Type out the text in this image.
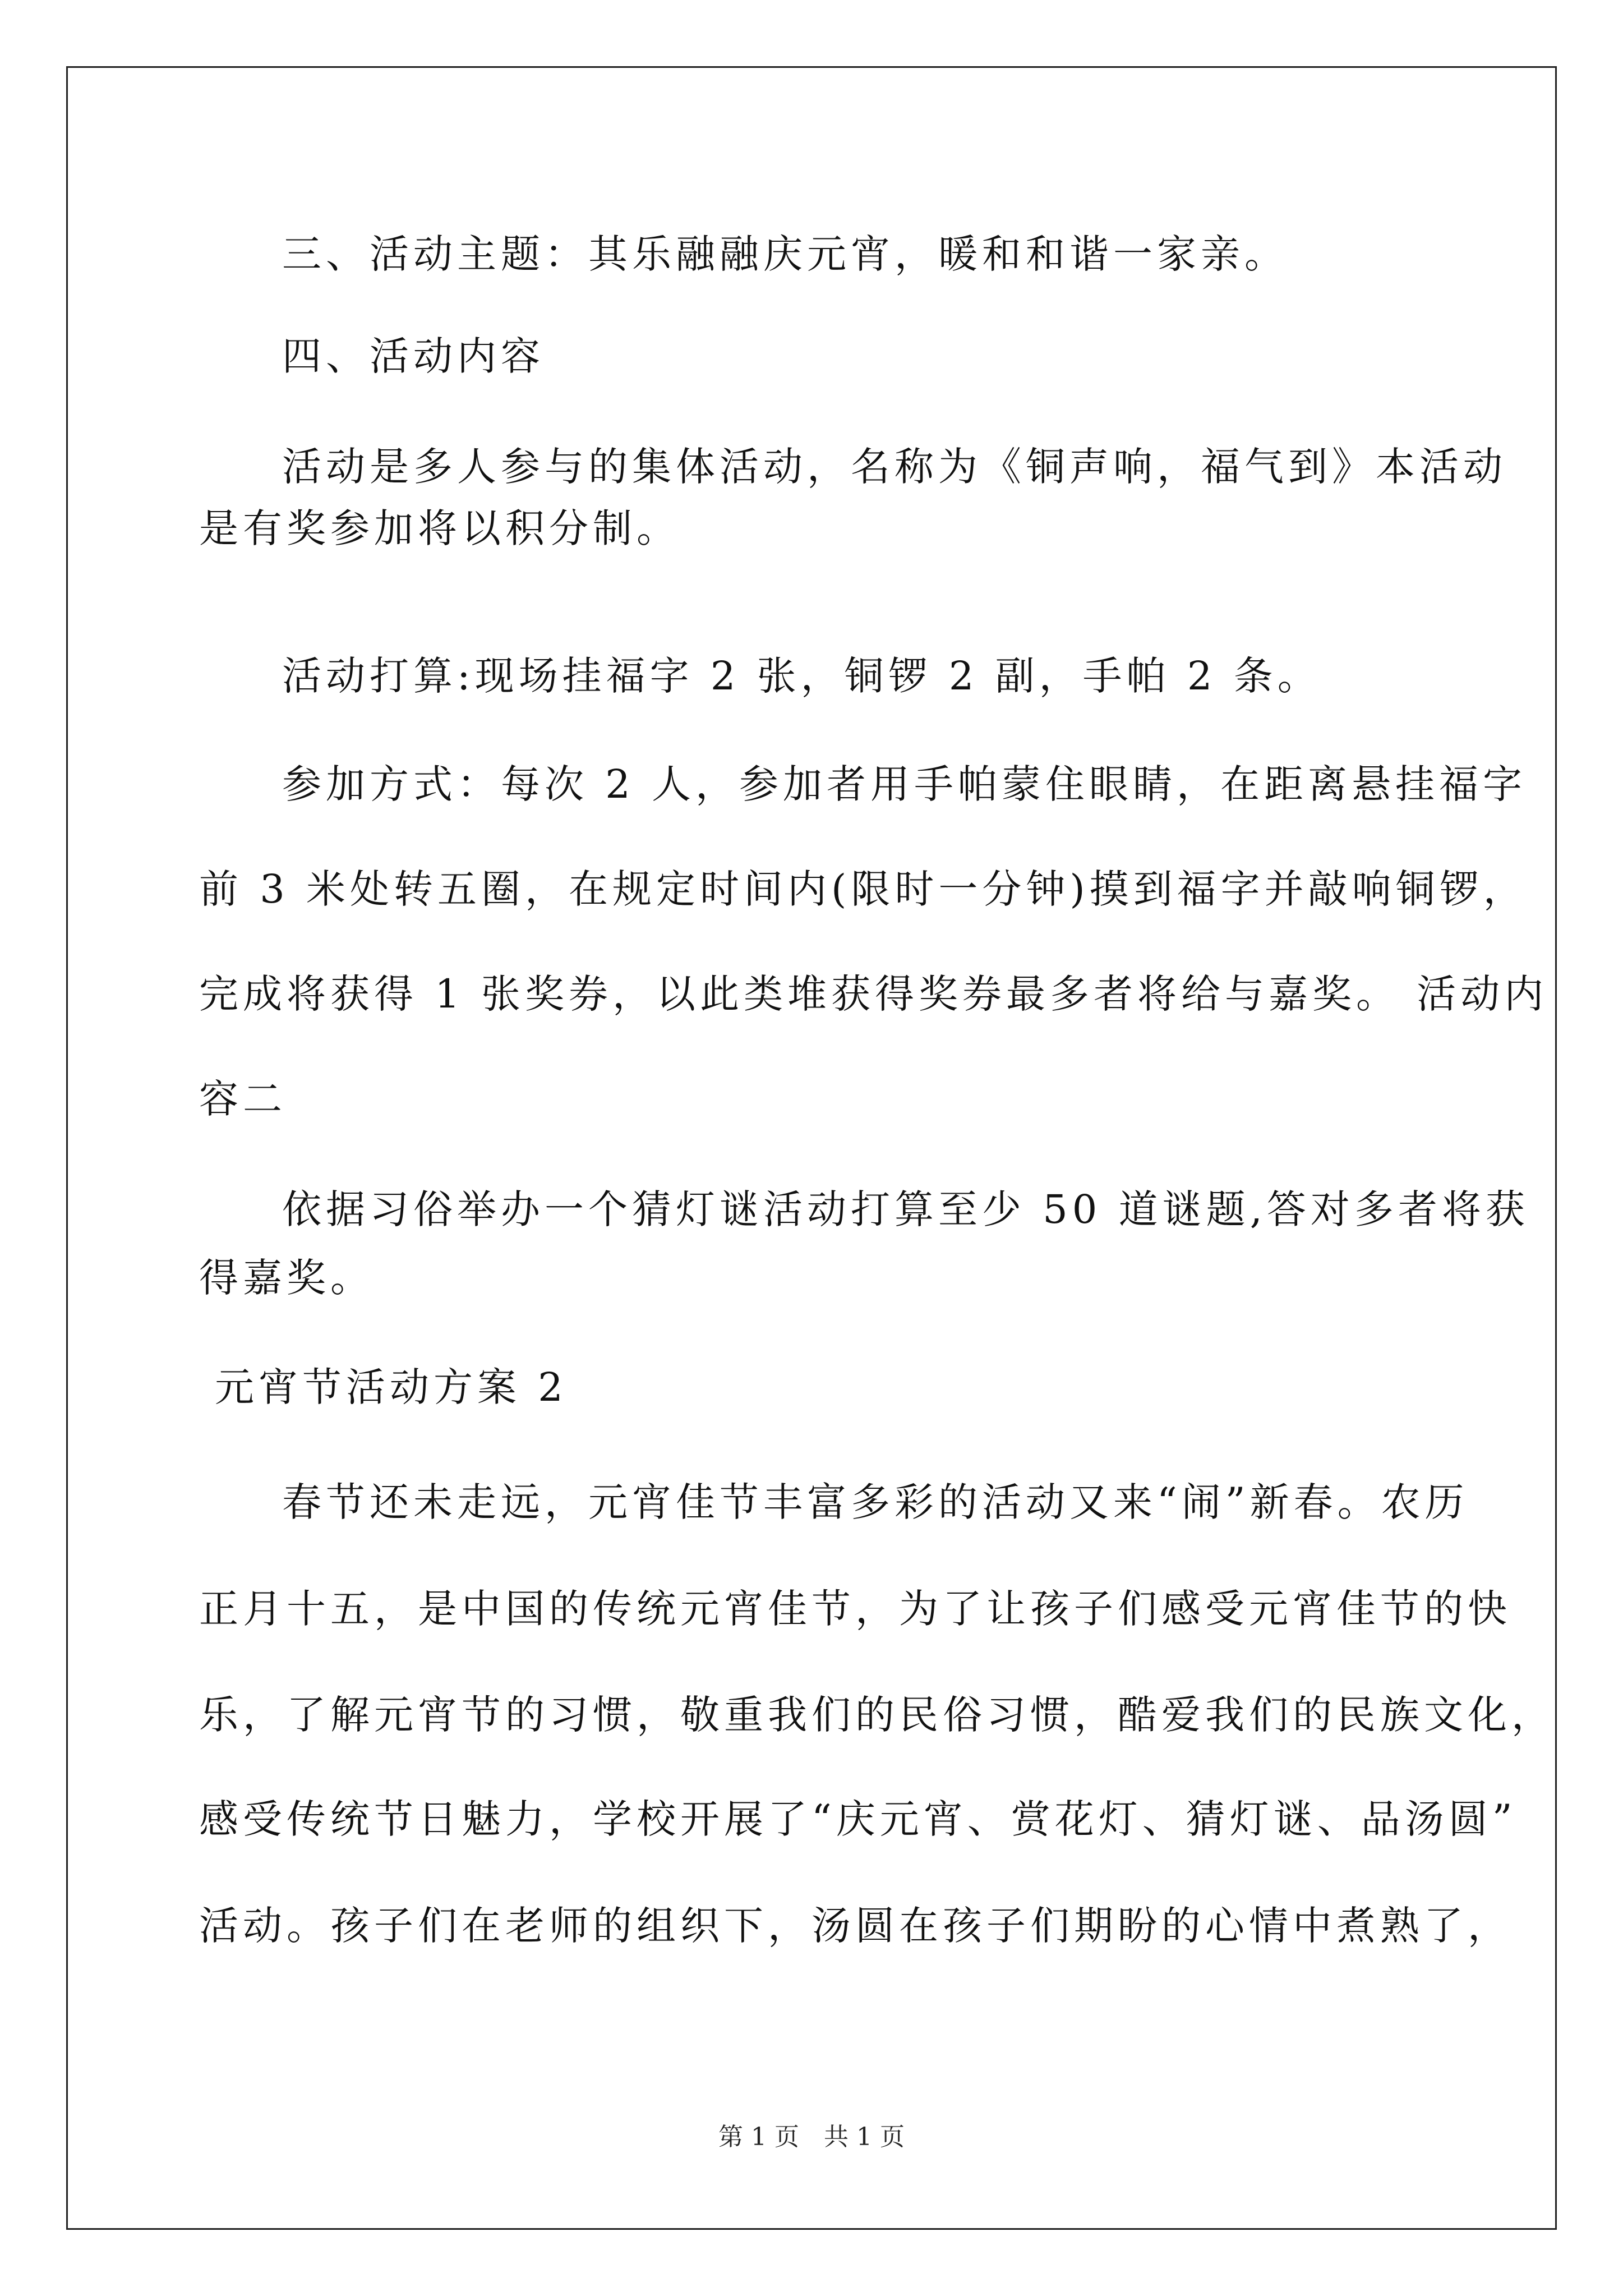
三、活动主题：其乐融融庆元宵，暖和和谐一家亲。
四、活动内容
活动是多人参与的集体活动，名称为《铜声响，福气到》本活动
是有奖参加将以积分制。
活动打算:现场挂福字 2 张，铜锣 2 副，手帕 2 条。
参加方式：每次 2 人，参加者用手帕蒙住眼睛，在距离悬挂福字
前 3 米处转五圈，在规定时间内(限时一分钟)摸到福字并敲响铜锣，
完成将获得 1 张奖券，以此类堆获得奖券最多者将给与嘉奖。 活动内
容二
依据习俗举办一个猜灯谜活动打算至少 50 道谜题,答对多者将获
得嘉奖。
元宵节活动方案 2
春节还未走远，元宵佳节丰富多彩的活动又来“闹”新春。农历
正月十五，是中国的传统元宵佳节，为了让孩子们感受元宵佳节的快
乐，了解元宵节的习惯，敬重我们的民俗习惯，酷爱我们的民族文化，
感受传统节日魅力，学校开展了“庆元宵、赏花灯、猜灯谜、品汤圆”
活动。孩子们在老师的组织下，汤圆在孩子们期盼的心情中煮熟了，
第 1 页　共 1 页
